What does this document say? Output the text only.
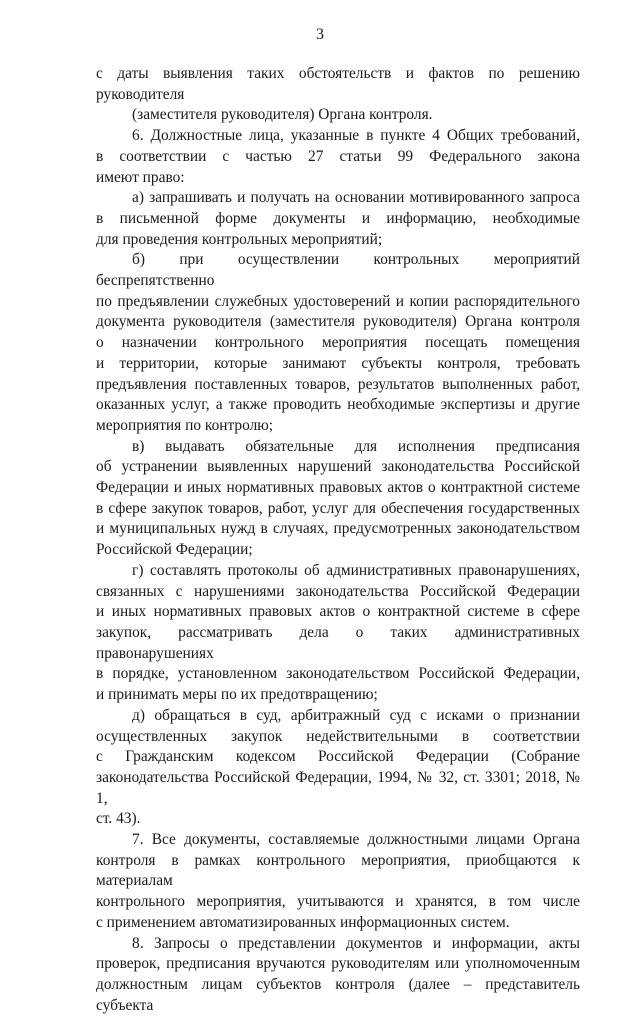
3

с даты выявления таких обстоятельств и фактов по решению руководителя

(заместителя руководителя) Органа контроля.

6. Должностные лица, указанные в пункте 4 Общих требований,

в соответствии с частью 27 статьи 99 Федерального закона

имеют право:

а) запрашивать и получать на основании мотивированного запроса

в письменной форме документы и информацию, необходимые

для проведения контрольных мероприятий;

б) при осуществлении контрольных мероприятий беспрепятственно

по предъявлении служебных удостоверений и копии распорядительного

документа руководителя (заместителя руководителя) Органа контроля

о назначении контрольного мероприятия посещать помещения

и территории, которые занимают субъекты контроля, требовать

предъявления поставленных товаров, результатов выполненных работ,

оказанных услуг, а также проводить необходимые экспертизы и другие

мероприятия по контролю;

в) выдавать обязательные для исполнения предписания

об устранении выявленных нарушений законодательства Российской

Федерации и иных нормативных правовых актов о контрактной системе

в сфере закупок товаров, работ, услуг для обеспечения государственных

и муниципальных нужд в случаях, предусмотренных законодательством

Российской Федерации;

г) составлять протоколы об административных правонарушениях,

связанных с нарушениями законодательства Российской Федерации

и иных нормативных правовых актов о контрактной системе в сфере

закупок, рассматривать дела о таких административных правонарушениях

в порядке, установленном законодательством Российской Федерации,

и принимать меры по их предотвращению;

д) обращаться в суд, арбитражный суд с исками о признании

осуществленных закупок недействительными в соответствии

с Гражданским кодексом Российской Федерации (Собрание

законодательства Российской Федерации, 1994, № 32, ст. 3301; 2018, № 1,

ст. 43).

7. Все документы, составляемые должностными лицами Органа

контроля в рамках контрольного мероприятия, приобщаются к материалам

контрольного мероприятия, учитываются и хранятся, в том числе

с применением автоматизированных информационных систем.

8. Запросы о представлении документов и информации, акты

проверок, предписания вручаются руководителям или уполномоченным

должностным лицам субъектов контроля (далее – представитель субъекта
